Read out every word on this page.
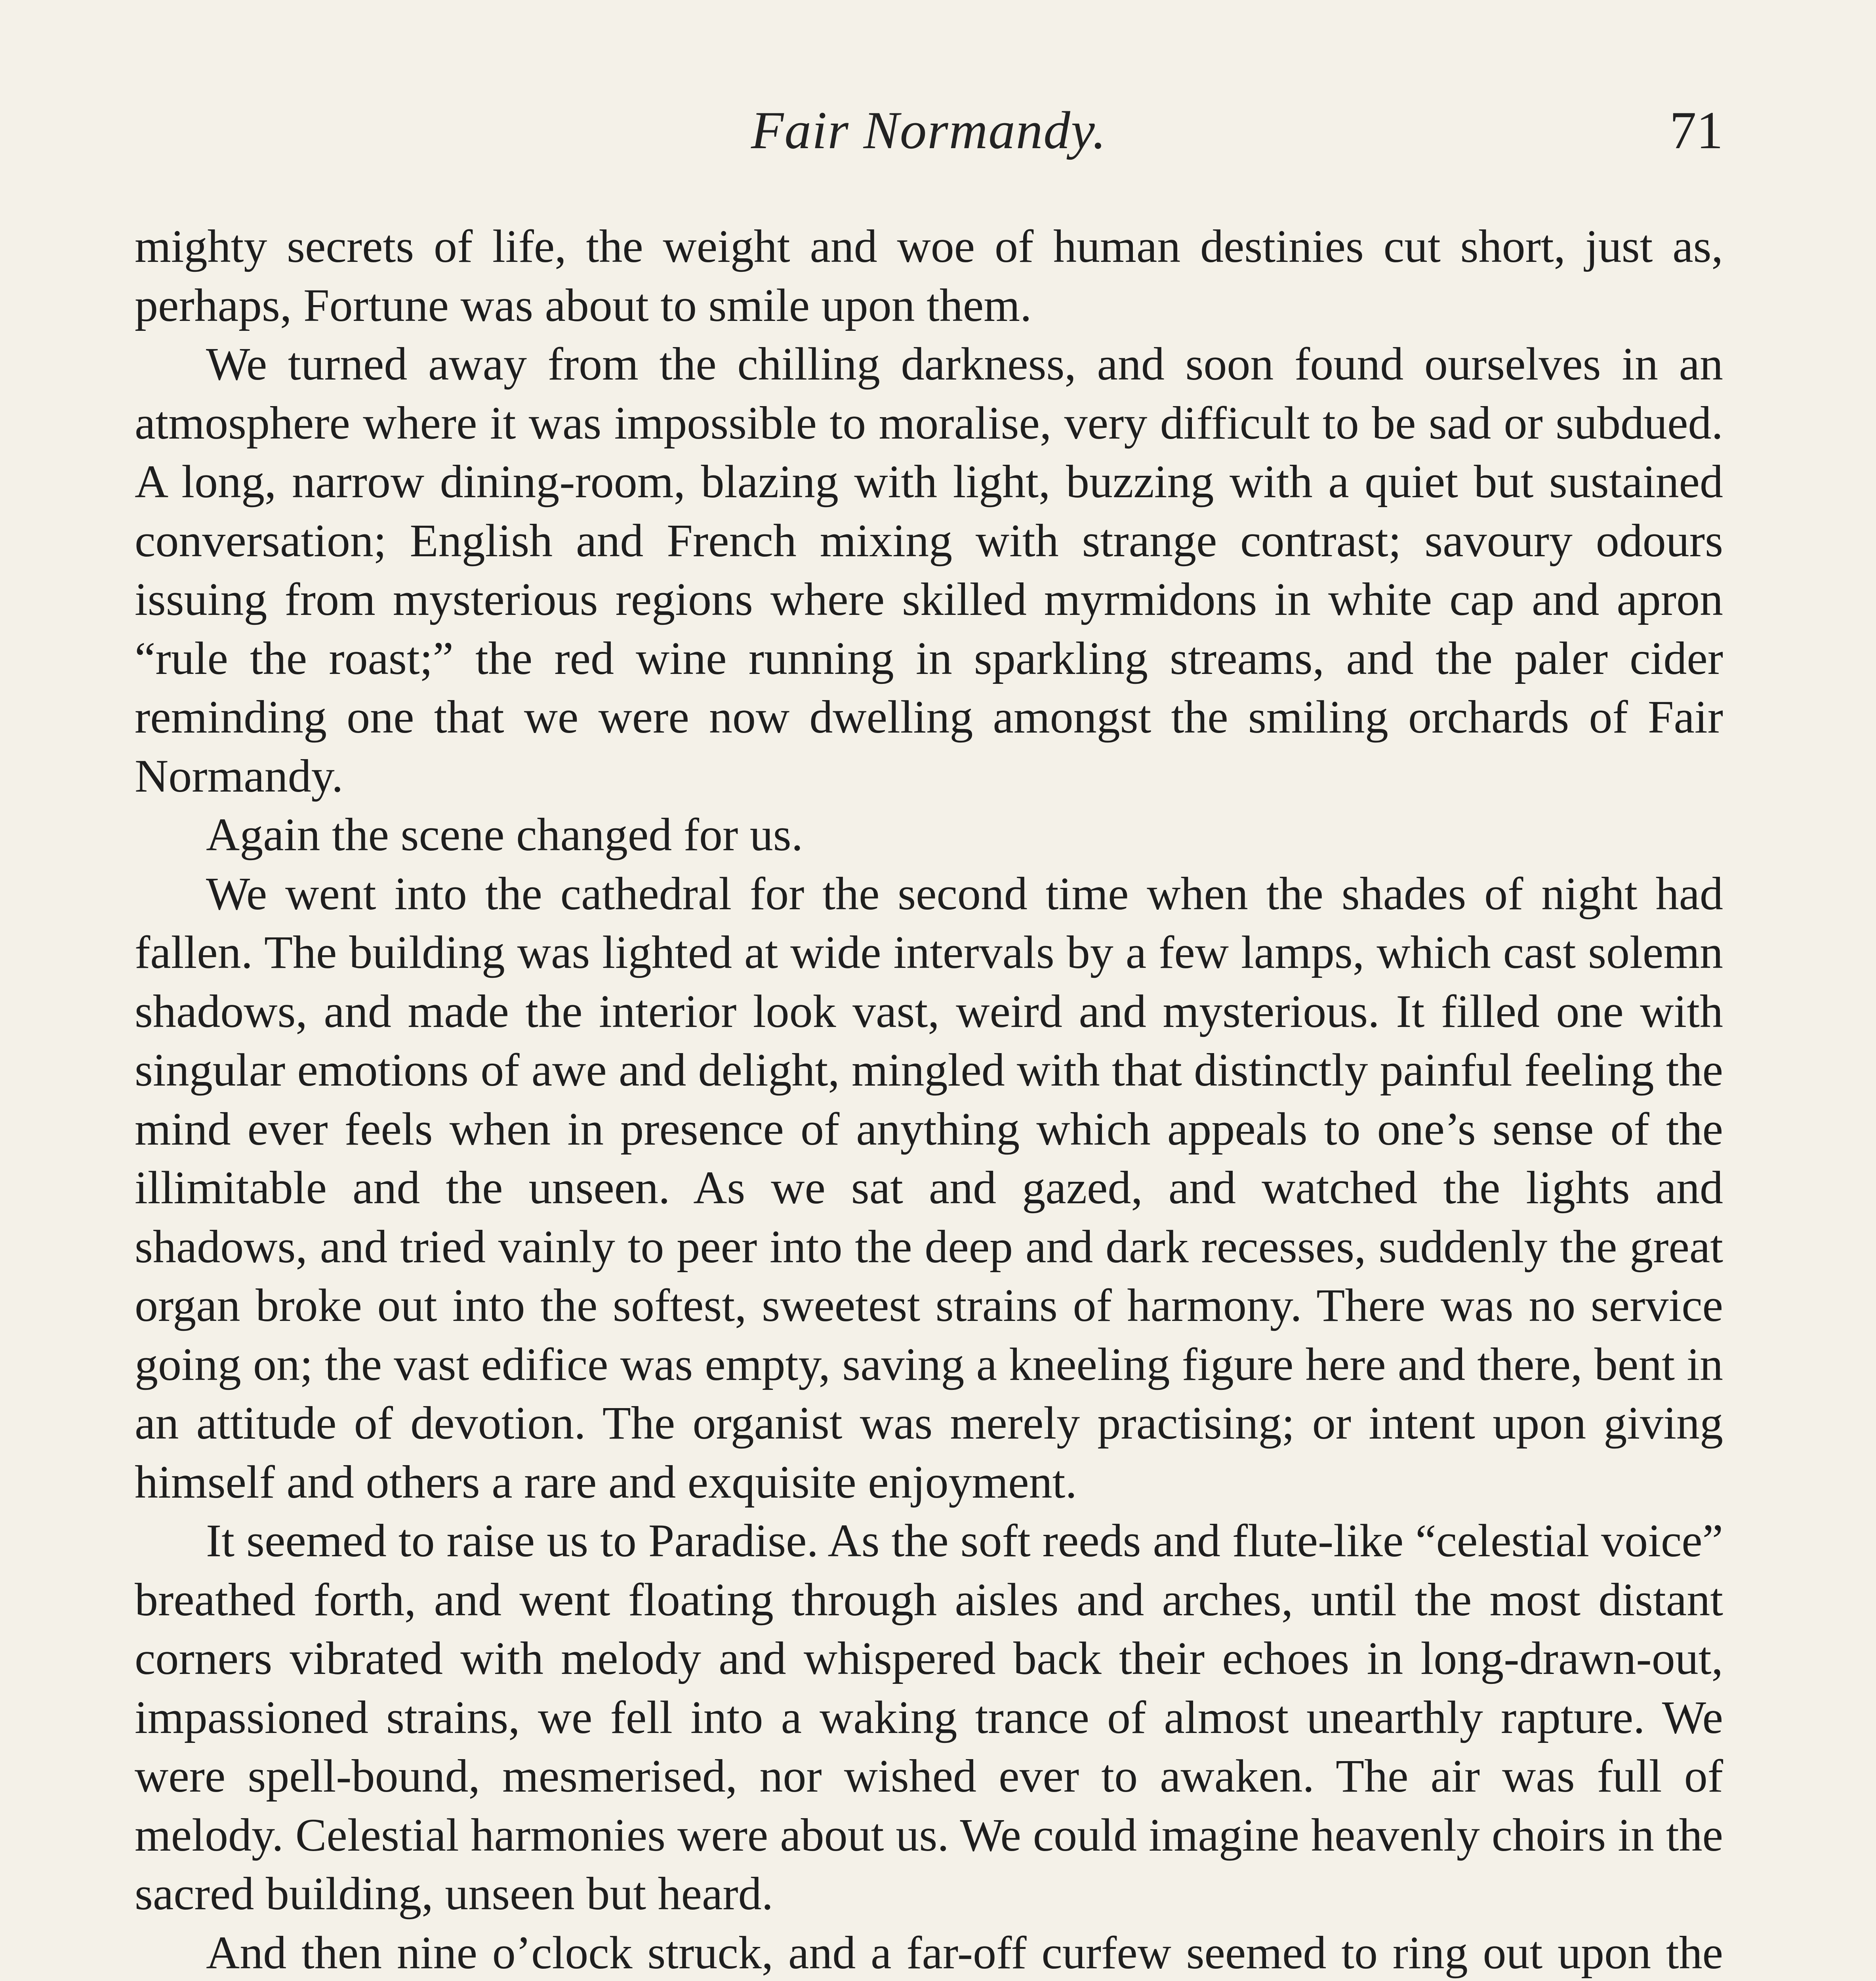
Fair Normandy.	71

mighty secrets of life, the weight and woe of human destinies cut short, just as, perhaps, Fortune was about to smile upon them.

We turned away from the chilling darkness, and soon found ourselves in an atmosphere where it was impossible to moralise, very difficult to be sad or subdued. A long, narrow dining-room, blazing with light, buzzing with a quiet but sustained conversation; English and French mixing with strange contrast; savoury odours issuing from mysterious regions where skilled myrmidons in white cap and apron “rule the roast;” the red wine running in sparkling streams, and the paler cider reminding one that we were now dwelling amongst the smiling orchards of Fair Normandy.

Again the scene changed for us.

We went into the cathedral for the second time when the shades of night had fallen. The building was lighted at wide intervals by a few lamps, which cast solemn shadows, and made the interior look vast, weird and mysterious. It filled one with singular emotions of awe and delight, mingled with that distinctly painful feeling the mind ever feels when in presence of anything which appeals to one’s sense of the illimitable and the unseen. As we sat and gazed, and watched the lights and shadows, and tried vainly to peer into the deep and dark recesses, suddenly the great organ broke out into the softest, sweetest strains of harmony. There was no service going on; the vast edifice was empty, saving a kneeling figure here and there, bent in an attitude of devotion. The organist was merely practising; or intent upon giving himself and others a rare and exquisite enjoyment.

It seemed to raise us to Paradise. As the soft reeds and flute-like “celestial voice” breathed forth, and went floating through aisles and arches, until the most distant corners vibrated with melody and whispered back their echoes in long-drawn-out, impassioned strains, we fell into a waking trance of almost unearthly rapture. We were spell-bound, mesmerised, nor wished ever to awaken. The air was full of melody. Celestial harmonies were about us. We could imagine heavenly choirs in the sacred building, unseen but heard.

And then nine o’clock struck, and a far-off curfew seemed to ring out upon the
